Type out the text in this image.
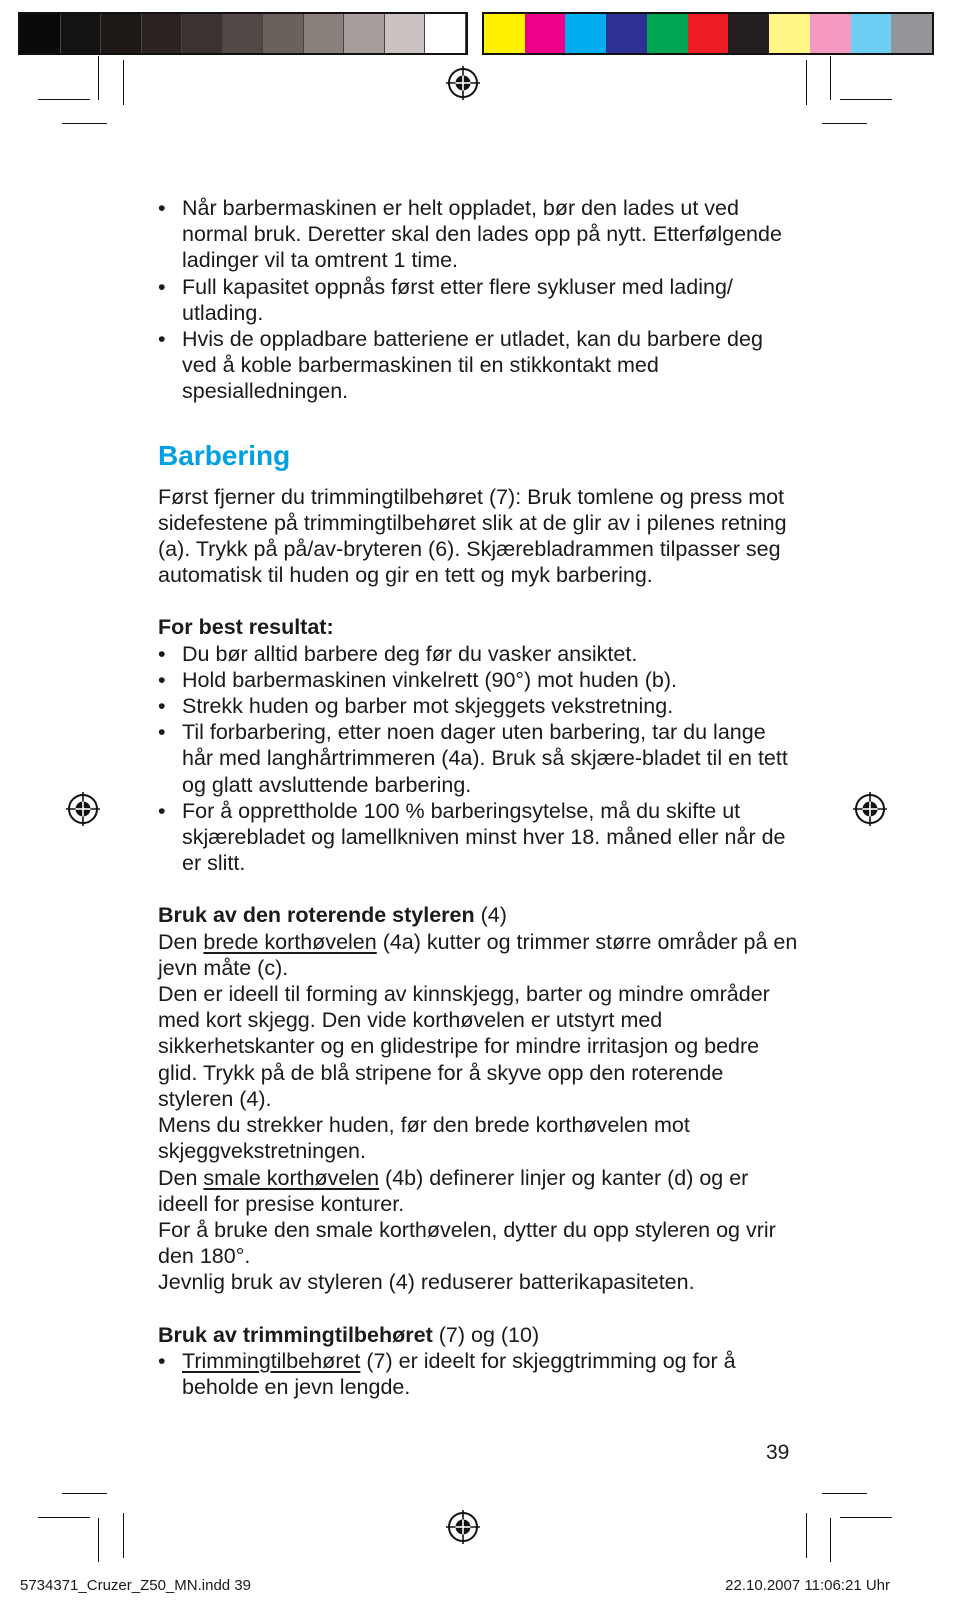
• Når barbermaskinen er helt oppladet, bør den lades ut ved normal bruk. Deretter skal den lades opp på nytt. Etterfølgende ladinger vil ta omtrent 1 time.
• Full kapasitet oppnås først etter flere sykluser med lading/ utlading.
• Hvis de oppladbare batteriene er utladet, kan du barbere deg ved å koble barbermaskinen til en stikkontakt med spesialledningen.
Barbering

Først fjerner du trimmingtilbehøret (7): Bruk tomlene og press mot sidefestene på trimmingtilbehøret slik at de glir av i pilenes retning (a). Trykk på på/av-bryteren (6). Skjærebladrammen tilpasser seg automatisk til huden og gir en tett og myk barbering.

For best resultat:

• Du bør alltid barbere deg før du vasker ansiktet.
• Hold barbermaskinen vinkelrett (90°) mot huden (b).
• Strekk huden og barber mot skjeggets vekstretning.
• Til forbarbering, etter noen dager uten barbering, tar du lange hår med langhårtrimmeren (4a). Bruk så skjære-bladet til en tett og glatt avsluttende barbering.
• For å opprettholde 100 % barberingsytelse, må du skifte ut skjærebladet og lamellkniven minst hver 18. måned eller når de er slitt.

Bruk av den roterende styleren (4)

Den brede korthøvelen (4a) kutter og trimmer større områder på en jevn måte (c).

Den er ideell til forming av kinnskjegg, barter og mindre områder med kort skjegg. Den vide korthøvelen er utstyrt med sikkerhetskanter og en glidestripe for mindre irritasjon og bedre glid. Trykk på de blå stripene for å skyve opp den roterende styleren (4).

Mens du strekker huden, før den brede korthøvelen mot skjeggvekstretningen.

Den smale korthøvelen (4b) definerer linjer og kanter (d) og er ideell for presise konturer.

For å bruke den smale korthøvelen, dytter du opp styleren og vrir den 180°.

Jevnlig bruk av styleren (4) reduserer batterikapasiteten.

Bruk av trimmingtilbehøret (7) og (10)

• Trimmingtilbehøret (7) er ideelt for skjeggtrimming og for å beholde en jevn lengde.
39
5734371_Cruzer_Z50_MN.indd 39	22.10.2007 11:06:21 Uhr
